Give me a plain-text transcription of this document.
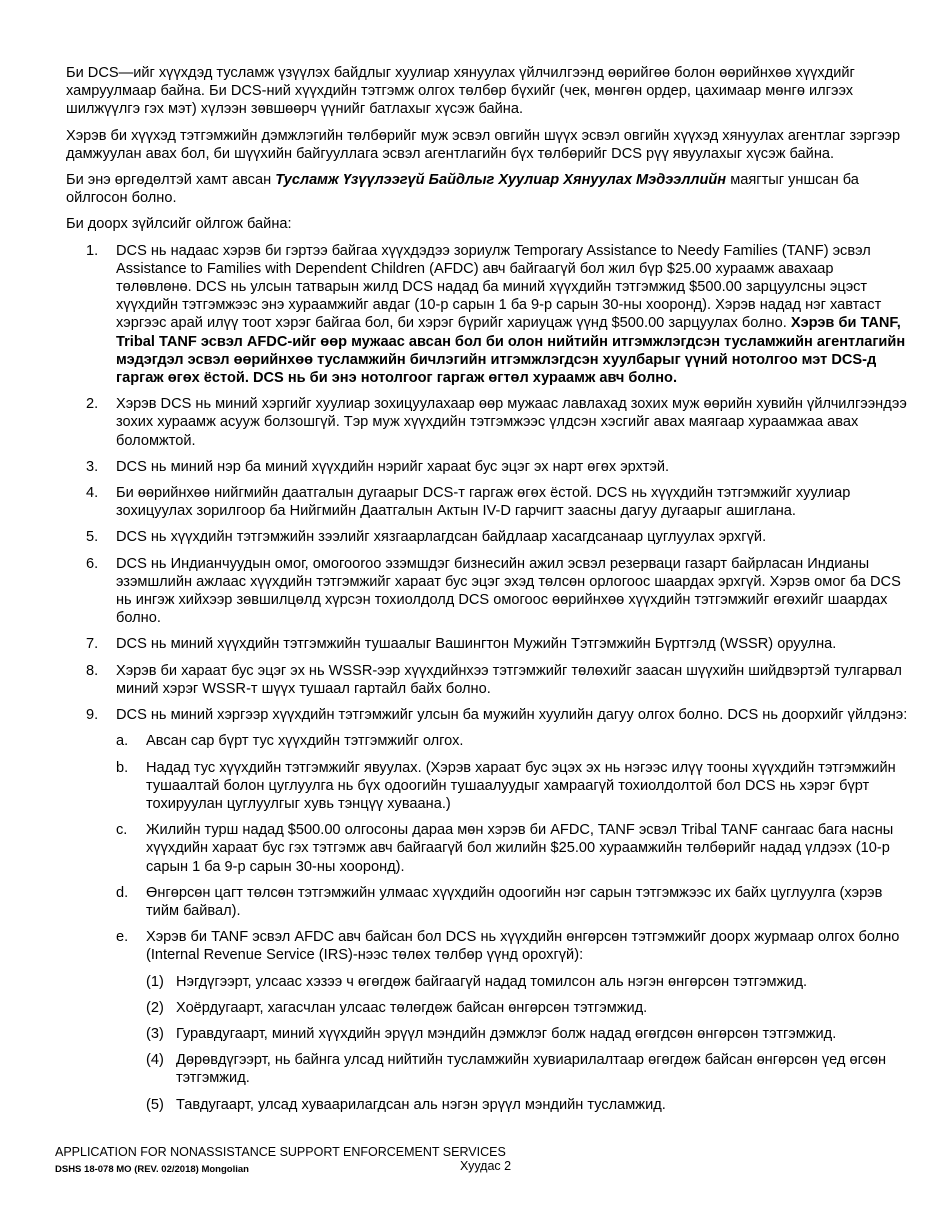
Би DCS—ийг хүүхдэд тусламж үзүүлэх байдлыг хуулиар хянуулах үйлчилгээнд өөрийгөө болон өөрийнхөө хүүхдийг хамруулмаар байна. Би DCS-ний хүүхдийн тэтгэмж олгох төлбөр бүхийг (чек, мөнгөн ордер, цахимаар мөнгө илгээх шилжүүлгэ гэх мэт) хүлээн зөвшөөрч үүнийг батлахыг хүсэж байна.

Хэрэв би хүүхэд тэтгэмжийн дэмжлэгийн төлбөрийг муж эсвэл овгийн шүүх эсвэл овгийн хүүхэд хянуулах агентлаг зэргээр дамжуулан авах бол, би шүүхийн байгууллага эсвэл агентлагийн бүх төлбөрийг DCS рүү явуулахыг хүсэж байна.

Би энэ өргөдөлтэй хамт авсан Тусламж Үзүүлээгүй Байдлыг Хуулиар Хянуулах Мэдээллийн маягтыг уншсан ба ойлгосон болно.

Би доорх зүйлсийг ойлгож байна:

1. DCS нь надаас хэрэв би гэртээ байгаа хүүхдэдээ зориулж Temporary Assistance to Needy Families (TANF) эсвэл Assistance to Families with Dependent Children (AFDC) авч байгаагүй бол жил бүр $25.00 хураамж авахаар төлөвлөнө. DCS нь улсын татварын жилд DCS надад ба миний хүүхдийн тэтгэмжид $500.00 зарцуулсны эцэст хүүхдийн тэтгэмжээс энэ хураамжийг авдаг (10-р сарын 1 ба 9-р сарын 30-ны хооронд). Хэрэв надад нэг хавтаст хэргээс арай илүү тоот хэрэг байгаа бол, би хэрэг бүрийг хариуцаж үүнд $500.00 зарцуулах болно. Хэрэв би TANF, Tribal TANF эсвэл AFDC-ийг өөр мужаас авсан бол би олон нийтийн итгэмжлэгдсэн тусламжийн агентлагийн мэдэгдэл эсвэл өөрийнхөө тусламжийн бичлэгийн итгэмжлэгдсэн хуулбарыг үүний нотолгоо мэт DCS-д гаргаж өгөх ёстой. DCS нь би энэ нотолгоог гаргаж өгтөл хураамж авч болно.
2. Хэрэв DCS нь миний хэргийг хуулиар зохицуулахаар өөр мужаас лавлахад зохих муж өөрийн хувийн үйлчилгээндээ зохих хураамж асууж болзошгүй. Тэр муж хүүхдийн тэтгэмжээс үлдсэн хэсгийг авах маягаар хураамжаа авах боломжтой.
3. DCS нь миний нэр ба миний хүүхдийн нэрийг харааt бус эцэг эх нарт өгөх эрхтэй.
4. Би өөрийнхөө нийгмийн даатгалын дугаарыг DCS-т гаргаж өгөх ёстой. DCS нь хүүхдийн тэтгэмжийг хуулиар зохицуулах зорилгоор ба Нийгмийн Даатгалын Актын IV-D гарчигт заасны дагуу дугаарыг ашиглана.
5. DCS нь хүүхдийн тэтгэмжийн зээлийг хязгаарлагдсан байдлаар хасагдсанаар цуглуулах эрхгүй.
6. DCS нь Индианчуудын омог, омогооroo эзэмшдэг бизнесийн ажил эсвэл резерваци газарт байрласан Индианы эзэмшлийн ажлаас хүүхдийн тэтгэмжийг хараат бус эцэг эхэд төлсөн орлогоос шаардах эрхгүй. Хэрэв омог ба DCS нь ингэж хийхээр зөвшилцөлд хүрсэн тохиолдолд DCS омогоос өөрийнхөө хүүхдийн тэтгэмжийг өгөхийг шаардах болно.
7. DCS нь миний хүүхдийн тэтгэмжийн тушаалыг Вашингтон Мужийн Тэтгэмжийн Бүртгэлд (WSSR) оруулна.
8. Хэрэв би хараат бус эцэг эх нь WSSR-ээр хүүхдийнхээ тэтгэмжийг төлөхийг заасан шүүхийн шийдвэртэй тулгарвал миний хэрэг WSSR-т шүүх тушаал гартайл байх болно.
9. DCS нь миний хэргээр хүүхдийн тэтгэмжийг улсын ба мужийн хуулийн дагуу олгох болно. DCS нь доорхийг үйлдэнэ:
a. Авсан сар бүрт тус хүүхдийн тэтгэмжийг олгох.
b. Надад тус хүүхдийн тэтгэмжийг явуулах. (Хэрэв хараат бус эцэх эх нь нэгээс илүү тооны хүүхдийн тэтгэмжийн тушаалтай болон цуглуулга нь бүх одоогийн тушаалуудыг хамраагүй тохиолдолтой бол DCS нь хэрэг бүрт тохируулан цуглуулгыг хувь тэнцүү хуваана.)
c. Жилийн турш надад $500.00 олгосоны дараа мөн хэрэв би AFDC, TANF эсвэл Tribal TANF сангаас бага насны хүүхдийн хараат бус гэх тэтгэмж авч байгаагүй бол жилийн $25.00 хураамжийн төлбөрийг надад үлдээх (10-р сарын 1 ба 9-р сарын 30-ны хооронд).
d. Өнгөрсөн цагт төлсөн тэтгэмжийн улмаас хүүхдийн одоогийн нэг сарын тэтгэмжээс их байх цуглуулга (хэрэв тийм байвал).
e. Хэрэв би TANF эсвэл AFDC авч байсан бол DCS нь хүүхдийн өнгөрсөн тэтгэмжийг доорх журмаар олгох болно (Internal Revenue Service (IRS)-нээс төлөх төлбөр үүнд орохгүй):
(1) Нэгдүгээрт, улсаас хэзээ ч өгөгдөж байгаагүй надад томилсон аль нэгэн өнгөрсөн тэтгэмжид.
(2) Хоёрдугаарт, хагасчлан улсаас төлөгдөж байсан өнгөрсөн тэтгэмжид.
(3) Гуравдугаарт, миний хүүхдийн эрүүл мэндийн дэмжлэг болж надад өгөгдсөн өнгөрсөн тэтгэмжид.
(4) Дөрөвдүгээрт, нь байнга улсад нийтийн тусламжийн хувиарилалтаар өгөгдөж байсан өнгөрсөн үед өгсөн тэтгэмжид.
(5) Тавдугаарт, улсад хуваарилагдсан аль нэгэн эрүүл мэндийн тусламжид.
APPLICATION FOR NONASSISTANCE SUPPORT ENFORCEMENT SERVICES
DSHS 18-078 MO (REV. 02/2018) Mongolian	Хуудас 2
